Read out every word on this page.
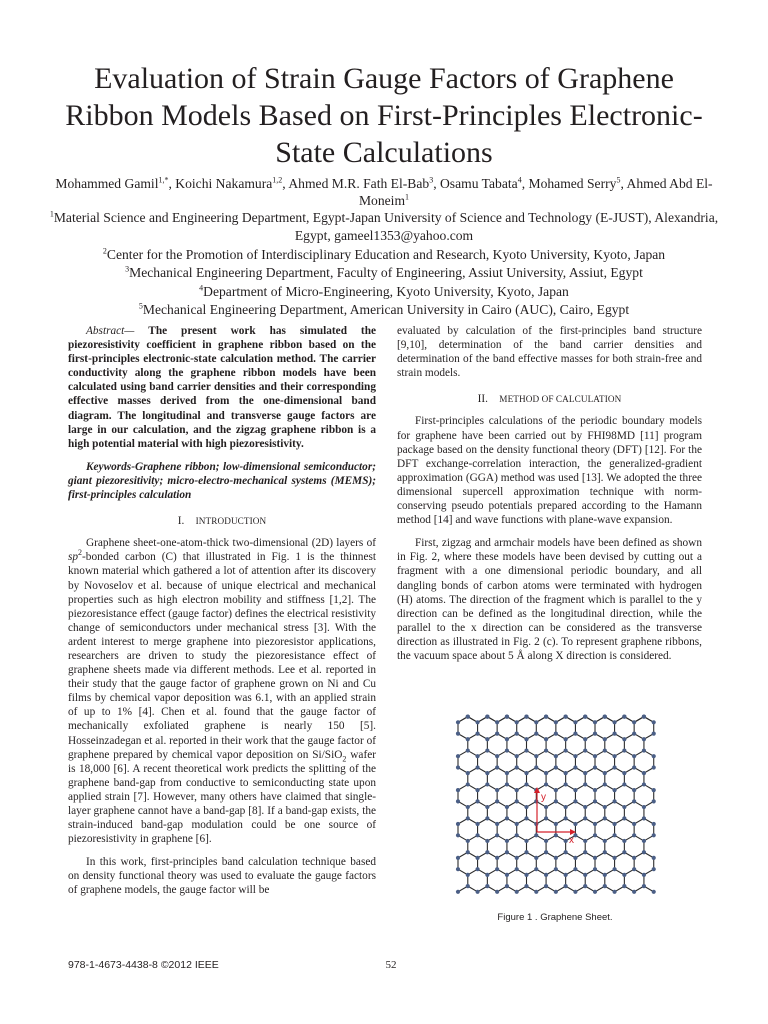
Evaluation of Strain Gauge Factors of Graphene Ribbon Models Based on First-Principles Electronic-State Calculations
Mohammed Gamil$^{1,*}$, Koichi Nakamura$^{1,2}$, Ahmed M.R. Fath El-Bab$^3$, Osamu Tabata$^4$, Mohamed Serry$^5$, Ahmed Abd El-Moneim$^1$
$^1$Material Science and Engineering Department, Egypt-Japan University of Science and Technology (E-JUST), Alexandria, Egypt, gameel1353@yahoo.com
$^2$Center for the Promotion of Interdisciplinary Education and Research, Kyoto University, Kyoto, Japan
$^3$Mechanical Engineering Department, Faculty of Engineering, Assiut University, Assiut, Egypt
$^4$Department of Micro-Engineering, Kyoto University, Kyoto, Japan
$^5$Mechanical Engineering Department, American University in Cairo (AUC), Cairo, Egypt

Abstract— The present work has simulated the piezoresistivity coefficient in graphene ribbon based on the first-principles electronic-state calculation method. The carrier conductivity along the graphene ribbon models have been calculated using band carrier densities and their corresponding effective masses derived from the one-dimensional band diagram. The longitudinal and transverse gauge factors are large in our calculation, and the zigzag graphene ribbon is a high potential material with high piezoresistivity.

Keywords-Graphene ribbon; low-dimensional semiconductor; giant piezoresitivity; micro-electro-mechanical systems (MEMS); first-principles calculation

I. INTRODUCTION

Graphene sheet-one-atom-thick two-dimensional (2D) layers of $sp^2$-bonded carbon (C) that illustrated in Fig. 1 is the thinnest known material which gathered a lot of attention after its discovery by Novoselov et al. because of unique electrical and mechanical properties such as high electron mobility and stiffness [1,2]. The piezoresistance effect (gauge factor) defines the electrical resistivity change of semiconductors under mechanical stress [3]. With the ardent interest to merge graphene into piezoresistor applications, researchers are driven to study the piezoresistance effect of graphene sheets made via different methods. Lee et al. reported in their study that the gauge factor of graphene grown on Ni and Cu films by chemical vapor deposition was 6.1, with an applied strain of up to 1% [4]. Chen et al. found that the gauge factor of mechanically exfoliated graphene is nearly 150 [5]. Hosseinzadegan et al. reported in their work that the gauge factor of graphene prepared by chemical vapor deposition on Si/SiO$_2$ wafer is 18,000 [6]. A recent theoretical work predicts the splitting of the graphene band-gap from conductive to semiconducting state upon applied strain [7]. However, many others have claimed that single-layer graphene cannot have a band-gap [8]. If a band-gap exists, the strain-induced band-gap modulation could be one source of piezoresistivity in graphene [6].

In this work, first-principles band calculation technique based on density functional theory was used to evaluate the gauge factors of graphene models, the gauge factor will be

evaluated by calculation of the first-principles band structure [9,10], determination of the band carrier densities and determination of the band effective masses for both strain-free and strain models.

II. METHOD OF CALCULATION

First-principles calculations of the periodic boundary models for graphene have been carried out by FHI98MD [11] program package based on the density functional theory (DFT) [12]. For the DFT exchange-correlation interaction, the generalized-gradient approximation (GGA) method was used [13]. We adopted the three dimensional supercell approximation technique with norm-conserving pseudo potentials prepared according to the Hamann method [14] and wave functions with plane-wave expansion.

First, zigzag and armchair models have been defined as shown in Fig. 2, where these models have been devised by cutting out a fragment with a one dimensional periodic boundary, and all dangling bonds of carbon atoms were terminated with hydrogen (H) atoms. The direction of the fragment which is parallel to the y direction can be defined as the longitudinal direction, while the parallel to the x direction can be considered as the transverse direction as illustrated in Fig. 2 (c). To represent graphene ribbons, the vacuum space about 5 Å along X direction is considered.

y
x
Figure 1 . Graphene Sheet.
978-1-4673-4438-8 ©2012 IEEE	52
